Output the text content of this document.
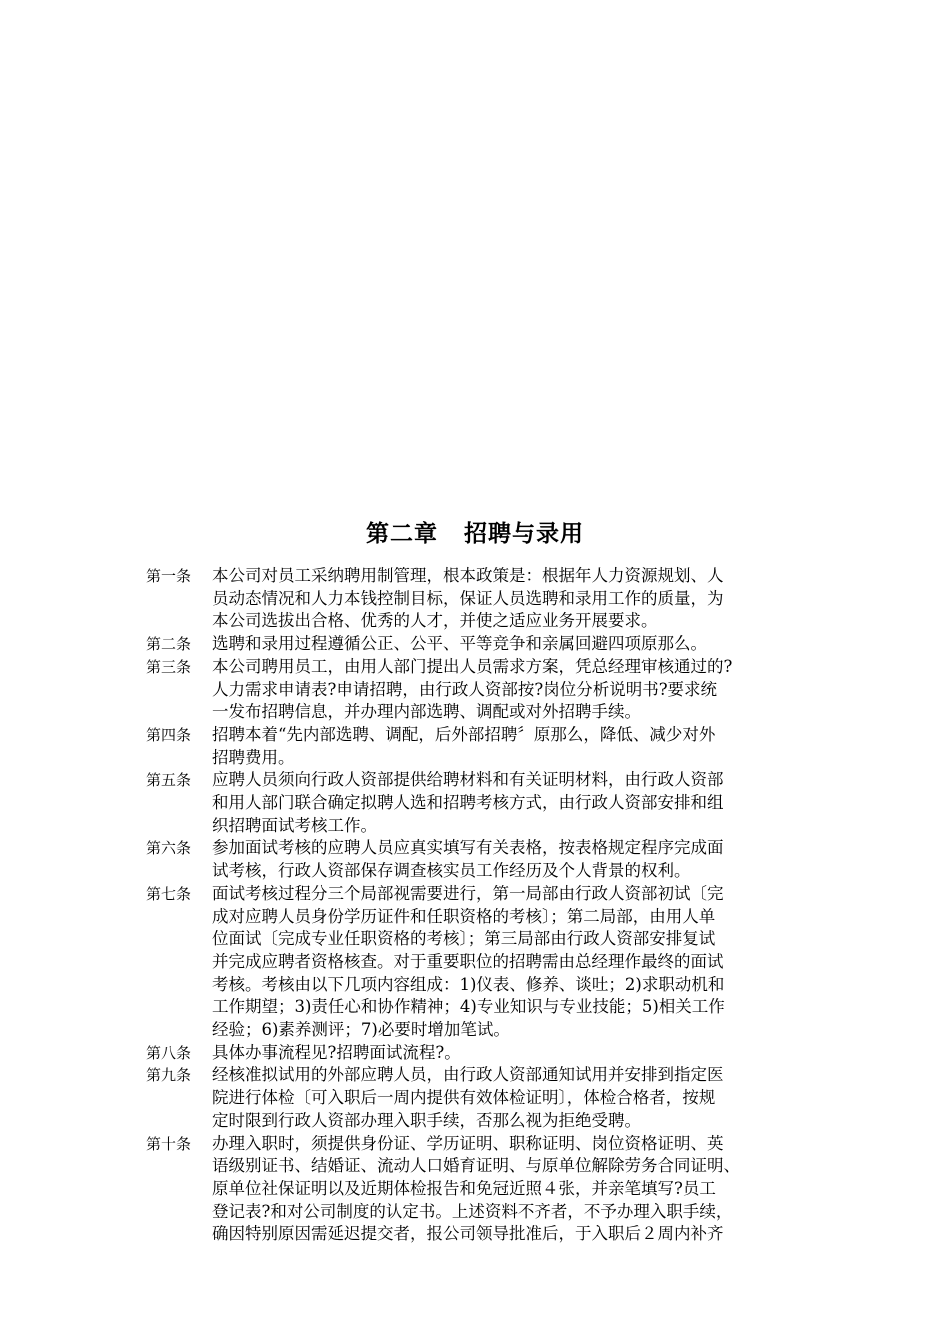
第二章 招聘与录用
第一条	本公司对员工采纳聘用制管理，根本政策是：根据年人力资源规划、人
员动态情况和人力本钱控制目标，保证人员选聘和录用工作的质量，为
本公司选拔出合格、优秀的人才，并使之适应业务开展要求。
第二条	选聘和录用过程遵循公正、公平、平等竞争和亲属回避四项原那么。
第三条	本公司聘用员工，由用人部门提出人员需求方案，凭总经理审核通过的?
人力需求申请表?申请招聘，由行政人资部按?岗位分析说明书?要求统
一发布招聘信息，并办理内部选聘、调配或对外招聘手续。
第四条	招聘本着“先内部选聘、调配，后外部招聘〞原那么，降低、减少对外
招聘费用。
第五条	应聘人员须向行政人资部提供给聘材料和有关证明材料，由行政人资部
和用人部门联合确定拟聘人选和招聘考核方式，由行政人资部安排和组
织招聘面试考核工作。
第六条	参加面试考核的应聘人员应真实填写有关表格，按表格规定程序完成面
试考核，行政人资部保存调查核实员工作经历及个人背景的权利。
第七条	面试考核过程分三个局部视需要进行，第一局部由行政人资部初试〔完
成对应聘人员身份学历证件和任职资格的考核〕；第二局部，由用人单
位面试〔完成专业任职资格的考核〕；第三局部由行政人资部安排复试
并完成应聘者资格核查。对于重要职位的招聘需由总经理作最终的面试
考核。考核由以下几项内容组成：1)仪表、修养、谈吐；2)求职动机和
工作期望；3)责任心和协作精神；4)专业知识与专业技能；5)相关工作
经验；6)素养测评；7)必要时增加笔试。
第八条	具体办事流程见?招聘面试流程?。
第九条	经核准拟试用的外部应聘人员，由行政人资部通知试用并安排到指定医
院进行体检〔可入职后一周内提供有效体检证明〕，体检合格者，按规
定时限到行政人资部办理入职手续，否那么视为拒绝受聘。
第十条	办理入职时，须提供身份证、学历证明、职称证明、岗位资格证明、英
语级别证书、结婚证、流动人口婚育证明、与原单位解除劳务合同证明、
原单位社保证明以及近期体检报告和免冠近照４张，并亲笔填写?员工
登记表?和对公司制度的认定书。上述资料不齐者，不予办理入职手续，
确因特别原因需延迟提交者，报公司领导批准后，于入职后２周内补齐
